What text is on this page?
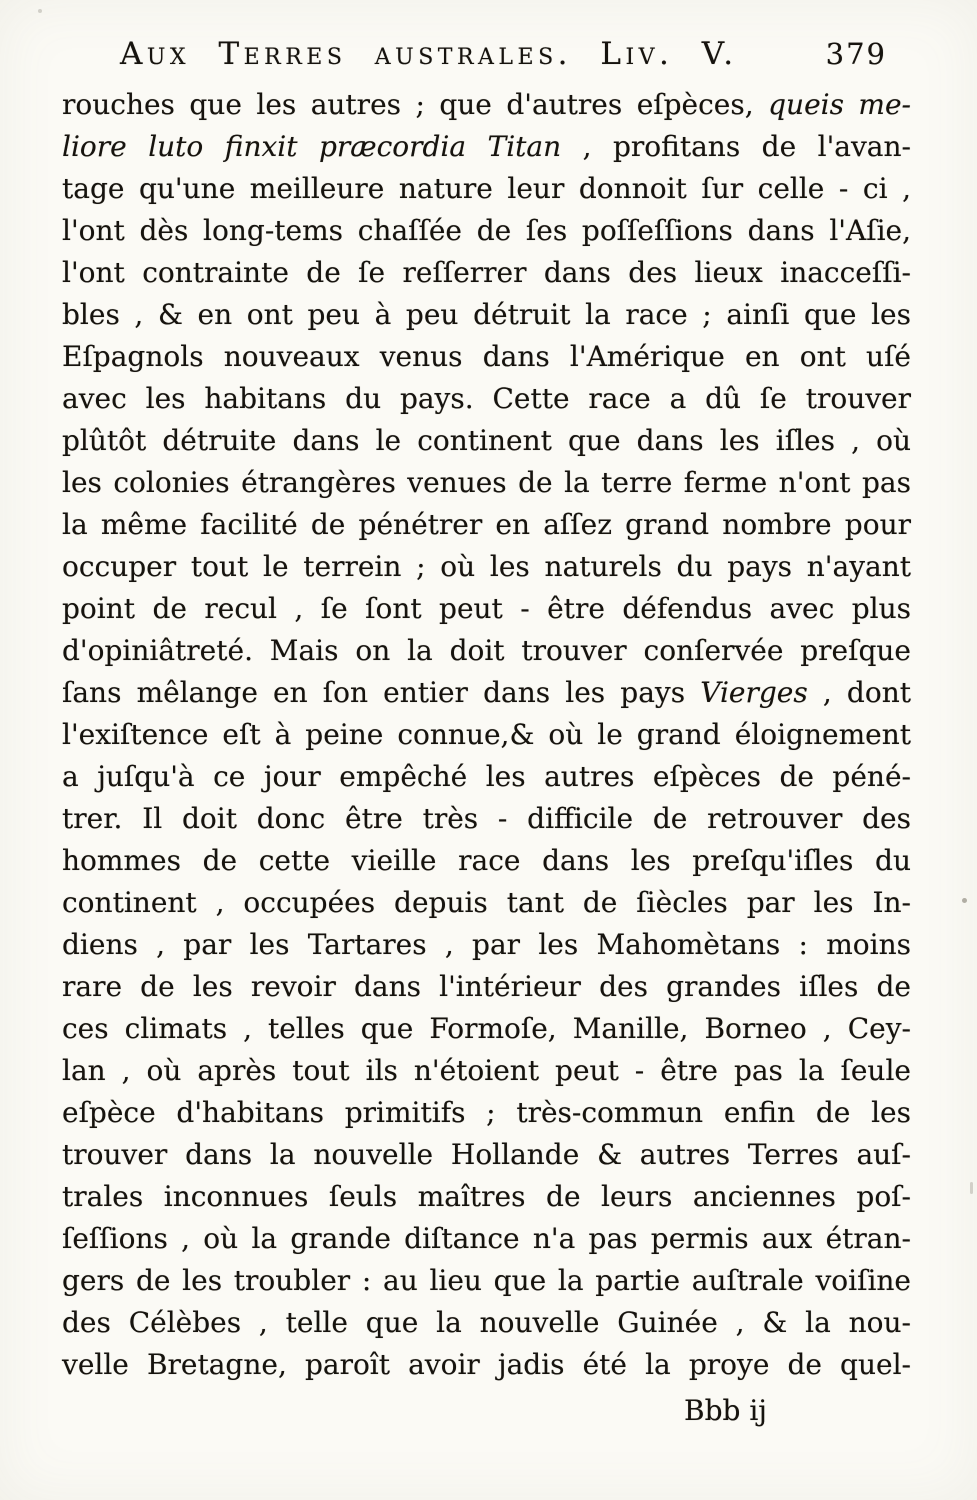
Aux Terres australes. Liv. V.	379
rouches que les autres ; que d'autres eſpèces, queis me-
liore luto finxit præcordia Titan , profitans de l'avan-
tage qu'une meilleure nature leur donnoit ſur celle - ci ,
l'ont dès long-tems chaſſée de ſes poſſeſſions dans l'Aſie,
l'ont contrainte de ſe reſſerrer dans des lieux inacceſſi-
bles , & en ont peu à peu détruit la race ; ainſi que les
Eſpagnols nouveaux venus dans l'Amérique en ont uſé
avec les habitans du pays. Cette race a dû ſe trouver
plûtôt détruite dans le continent que dans les iſles , où
les colonies étrangères venues de la terre ferme n'ont pas
la même facilité de pénétrer en aſſez grand nombre pour
occuper tout le terrein ; où les naturels du pays n'ayant
point de recul , ſe ſont peut - être défendus avec plus
d'opiniâtreté. Mais on la doit trouver conſervée preſque
ſans mêlange en ſon entier dans les pays Vierges , dont
l'exiſtence eſt à peine connue,& où le grand éloignement
a juſqu'à ce jour empêché les autres eſpèces de péné-
trer. Il doit donc être très - difficile de retrouver des
hommes de cette vieille race dans les preſqu'iſles du
continent , occupées depuis tant de ſiècles par les In-
diens , par les Tartares , par les Mahomètans : moins
rare de les revoir dans l'intérieur des grandes iſles de
ces climats , telles que Formoſe, Manille, Borneo , Cey-
lan , où après tout ils n'étoient peut - être pas la ſeule
eſpèce d'habitans primitifs ; très-commun enfin de les
trouver dans la nouvelle Hollande & autres Terres auſ-
trales inconnues ſeuls maîtres de leurs anciennes poſ-
ſeſſions , où la grande diſtance n'a pas permis aux étran-
gers de les troubler : au lieu que la partie auſtrale voiſine
des Célèbes , telle que la nouvelle Guinée , & la nou-
velle Bretagne, paroît avoir jadis été la proye de quel-
Bbb ij
